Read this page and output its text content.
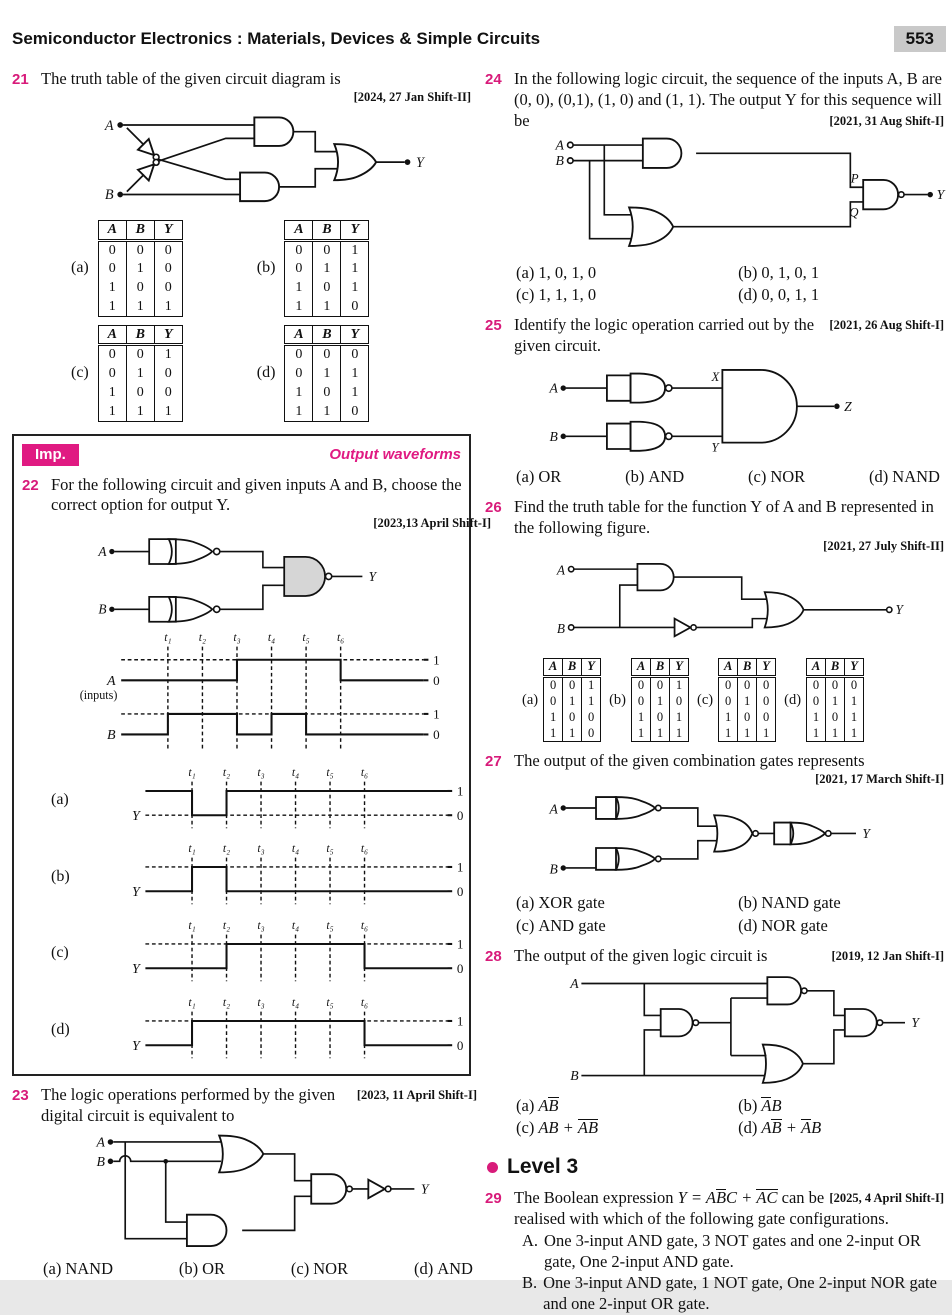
Semiconductor Electronics : Materials, Devices & Simple Circuits	553
21 The truth table of the given circuit diagram is
[2024, 27 Jan Shift-II]
A
B
Y
(a)
A	B	Y
0	0	0
0	1	0
1	0	0
1	1	1
(b)
A	B	Y
0	0	1
0	1	1
1	0	1
1	1	0
(c)
A	B	Y
0	0	1
0	1	0
1	0	0
1	1	1
(d)
A	B	Y
0	0	0
0	1	1
1	0	1
1	1	0
Imp.	Output waveforms
22 For the following circuit and given inputs A and B, choose the correct option for output Y.
[2023,13 April Shift-I]
A
B
Y
t₁ t₂ t₃ t₄ t₅ t₆
A
(inputs)
1
0
B
1
0
(a)
t₁ t₂ t₃ t₄ t₅ t₆
Y
1
0
(b)
t₁ t₂ t₃ t₄ t₅ t₆
Y
1
0
(c)
t₁ t₂ t₃ t₄ t₅ t₆
Y
1
0
(d)
t₁ t₂ t₃ t₄ t₅ t₆
Y
1
0
23	[2023, 11 April Shift-I]
The logic operations performed by the given digital circuit is equivalent to
A
B
Y
(a) NAND	(b) OR	(c) NOR	(d) AND
24 In the following logic circuit, the sequence of the inputs A, B are (0, 0), (0,1), (1, 0) and (1, 1). The output Y for this sequence will be	[2021, 31 Aug Shift-I]
A
B
P
Q
Y
(a) 1, 0, 1, 0	(b) 0, 1, 0, 1
(c) 1, 1, 1, 0	(d) 0, 0, 1, 1
25	[2021, 26 Aug Shift-I]
Identify the logic operation carried out by the given circuit.
A
X
B
Y
Z
(a) OR	(b) AND	(c) NOR	(d) NAND
26 Find the truth table for the function Y of A and B represented in the following figure.
[2021, 27 July Shift-II]
A
B
Y
(a)
A	B	Y
0	0	1
0	1	1
1	0	0
1	1	0
(b)
A	B	Y
0	0	1
0	1	0
1	0	1
1	1	1
(c)
A	B	Y
0	0	0
0	1	0
1	0	0
1	1	1
(d)
A	B	Y
0	0	0
0	1	1
1	0	1
1	1	1
27 The output of the given combination gates represents
[2021, 17 March Shift-I]
A
B
Y
(a) XOR gate	(b) NAND gate
(c) AND gate	(d) NOR gate
28	[2019, 12 Jan Shift-I]
The output of the given logic circuit is
A
B
Y
(a) AB	(b) AB
(c) AB + AB	(d) AB + AB
Level 3
29	[2025, 4 April Shift-I]
The Boolean expression Y = ABC + AC can be realised with which of the following gate configurations.
A. One 3-input AND gate, 3 NOT gates and one 2-input OR gate, One 2-input AND gate.
B. One 3-input AND gate, 1 NOT gate, One 2-input NOR gate and one 2-input OR gate.
